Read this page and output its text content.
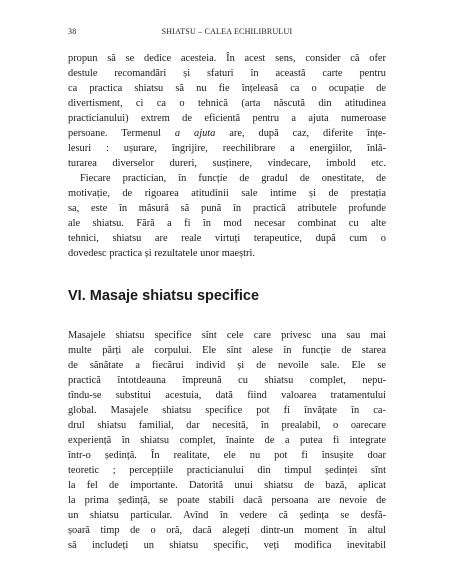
38	SHIATSU – CALEA ECHILIBRULUI
propun să se dedice acesteia. În acest sens, consider că ofer
destule recomandări și sfaturi în această carte pentru
ca practica shiatsu să nu fie înțeleasă ca o ocupație de
divertisment, ci ca o tehnică (arta născută din atitudinea
practicianului) extrem de eficientă pentru a ajuta numeroase
persoane. Termenul a ajuta are, după caz, diferite înțe-
lesuri : ușurare, îngrijire, reechilibrare a energiilor, înlă-
turarea diverselor dureri, susținere, vindecare, imbold etc.
Fiecare practician, în funcție de gradul de onestitate, de
motivație, de rigoarea atitudinii sale intime și de prestația
sa, este în măsură să pună în practică atributele profunde
ale shiatsu. Fără a fi în mod necesar combinat cu alte
tehnici, shiatsu are reale virtuți terapeutice, după cum o
dovedesc practica și rezultatele unor maeștri.
VI. Masaje shiatsu specifice
Masajele shiatsu specifice sînt cele care privesc una sau mai
multe părți ale corpului. Ele sînt alese în funcție de starea
de sănătate a fiecărui individ și de nevoile sale. Ele se
practică întotdeauna împreună cu shiatsu complet, nepu-
tîndu-se substitui acestuia, dată fiind valoarea tratamentului
global. Masajele shiatsu specifice pot fi învățate în ca-
drul shiatsu familial, dar necesită, în prealabil, o oarecare
experiență în shiatsu complet, înainte de a putea fi integrate
într-o ședință. În realitate, ele nu pot fi însușite doar
teoretic ; percepțiile practicianului din timpul ședinței sînt
la fel de importante. Datorită unui shiatsu de bază, aplicat
la prima ședință, se poate stabili dacă persoana are nevoie de
un shiatsu particular. Avînd în vedere că ședința se desfă-
șoară timp de o oră, dacă alegeți dintr-un moment în altul
să includeți un shiatsu specific, veți modifica inevitabil
